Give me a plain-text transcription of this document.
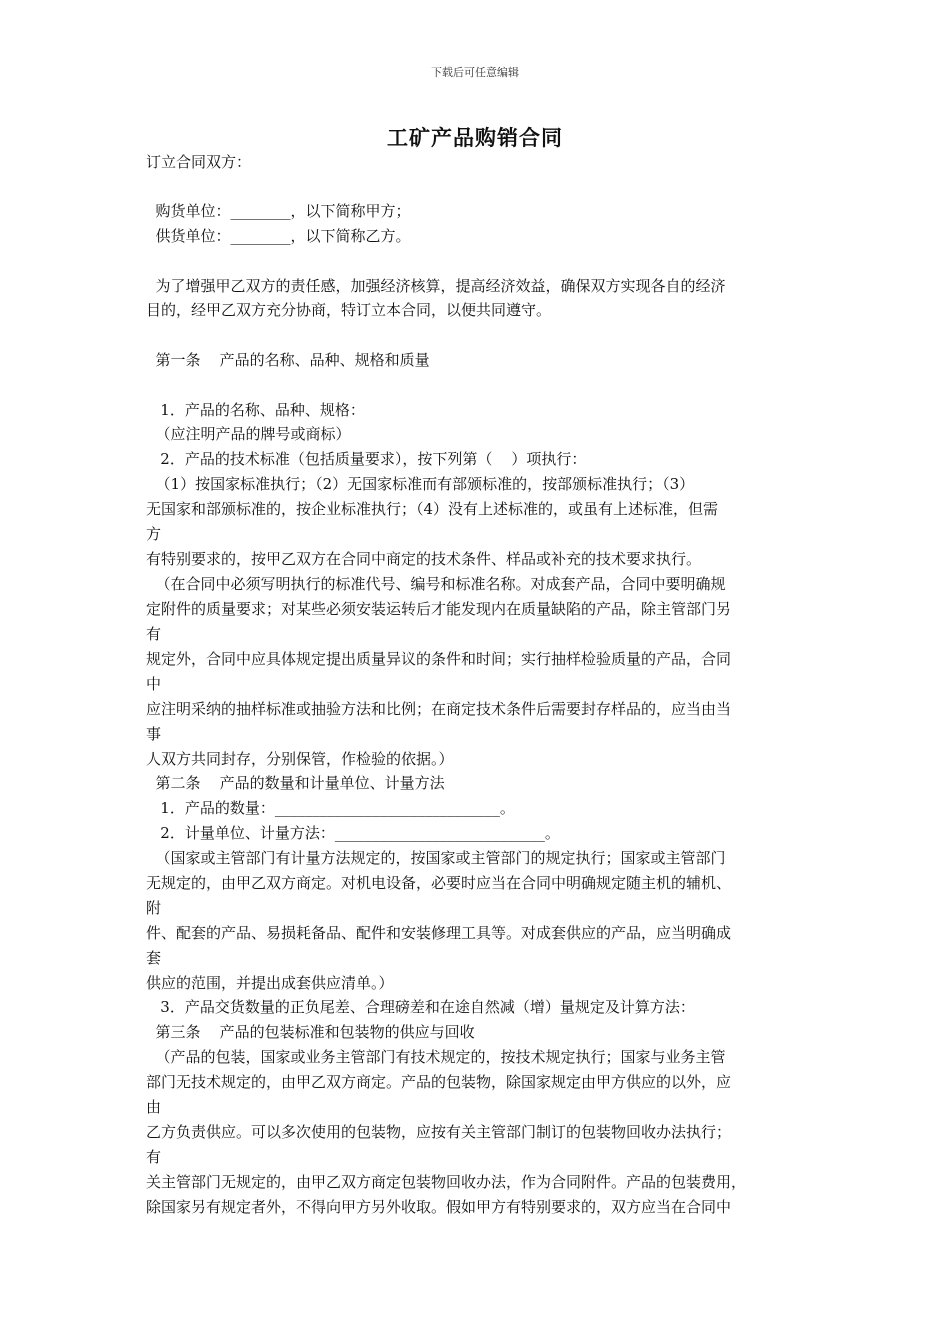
下载后可任意编辑
工矿产品购销合同

订立合同双方：

购货单位：________，以下简称甲方；

供货单位：________，以下简称乙方。

为了增强甲乙双方的责任感，加强经济核算，提高经济效益，确保双方实现各自的经济

目的，经甲乙双方充分协商，特订立本合同，以便共同遵守。

第一条    产品的名称、品种、规格和质量

1．产品的名称、品种、规格：

（应注明产品的牌号或商标）

2．产品的技术标准（包括质量要求），按下列第（    ）项执行：

（1）按国家标准执行；（2）无国家标准而有部颁标准的，按部颁标准执行；（3）

无国家和部颁标准的，按企业标准执行；（4）没有上述标准的，或虽有上述标准，但需

方

有特别要求的，按甲乙双方在合同中商定的技术条件、样品或补充的技术要求执行。

（在合同中必须写明执行的标准代号、编号和标准名称。对成套产品，合同中要明确规

定附件的质量要求；对某些必须安装运转后才能发现内在质量缺陷的产品，除主管部门另

有

规定外，合同中应具体规定提出质量异议的条件和时间；实行抽样检验质量的产品，合同

中

应注明采纳的抽样标准或抽验方法和比例；在商定技术条件后需要封存样品的，应当由当

事

人双方共同封存，分别保管，作检验的依据。）

第二条    产品的数量和计量单位、计量方法

1．产品的数量：______________________________。

2．计量单位、计量方法：____________________________。

（国家或主管部门有计量方法规定的，按国家或主管部门的规定执行；国家或主管部门

无规定的，由甲乙双方商定。对机电设备，必要时应当在合同中明确规定随主机的辅机、

附

件、配套的产品、易损耗备品、配件和安装修理工具等。对成套供应的产品，应当明确成

套

供应的范围，并提出成套供应清单。）

3．产品交货数量的正负尾差、合理磅差和在途自然减（增）量规定及计算方法：

第三条    产品的包装标准和包装物的供应与回收

（产品的包装，国家或业务主管部门有技术规定的，按技术规定执行；国家与业务主管

部门无技术规定的，由甲乙双方商定。产品的包装物，除国家规定由甲方供应的以外，应

由

乙方负责供应。可以多次使用的包装物，应按有关主管部门制订的包装物回收办法执行；

有

关主管部门无规定的，由甲乙双方商定包装物回收办法，作为合同附件。产品的包装费用，

除国家另有规定者外，不得向甲方另外收取。假如甲方有特别要求的，双方应当在合同中
